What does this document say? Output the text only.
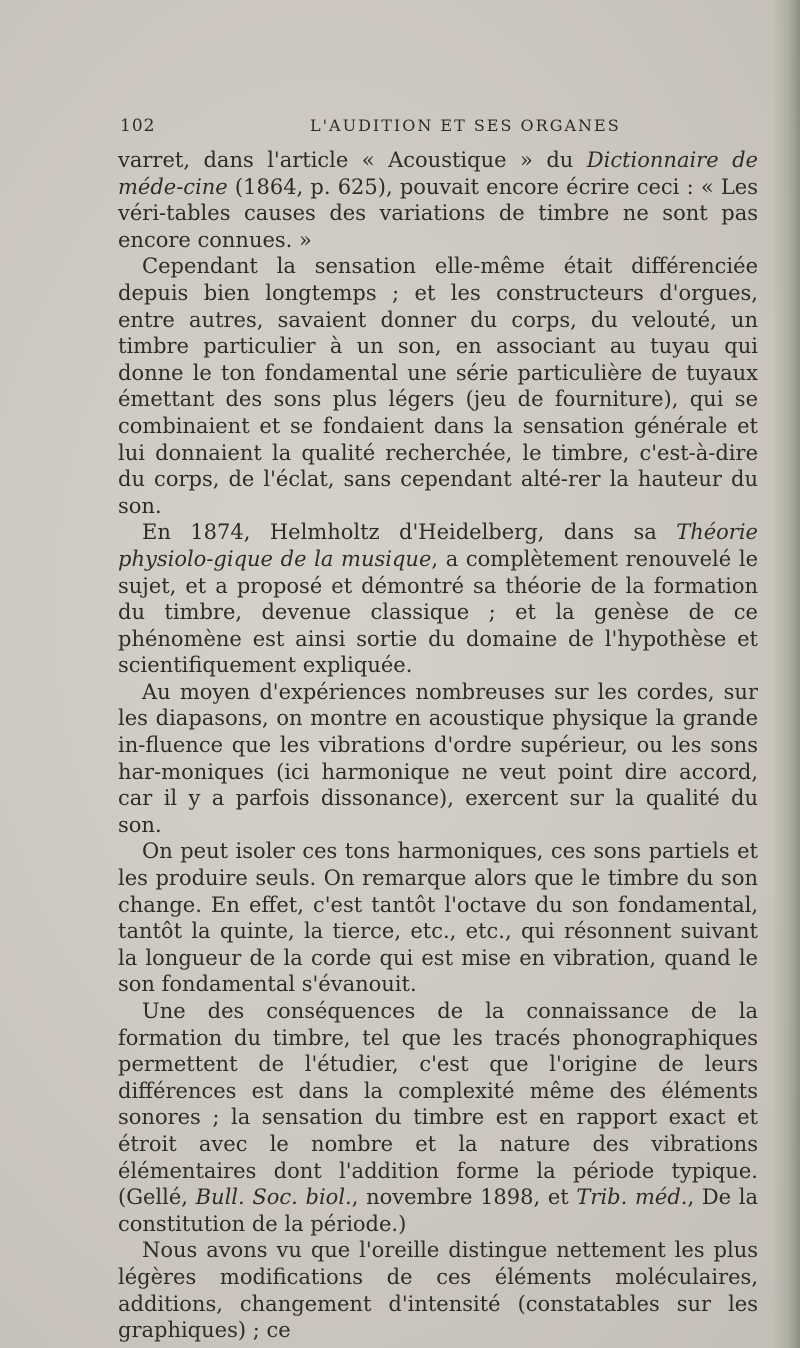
102	L'AUDITION ET SES ORGANES

varret, dans l'article « Acoustique » du Dictionnaire de méde-cine (1864, p. 625), pouvait encore écrire ceci : « Les véri-tables causes des variations de timbre ne sont pas encore connues. »

Cependant la sensation elle-même était différenciée depuis bien longtemps ; et les constructeurs d'orgues, entre autres, savaient donner du corps, du velouté, un timbre particulier à un son, en associant au tuyau qui donne le ton fondamental une série particulière de tuyaux émettant des sons plus légers (jeu de fourniture), qui se combinaient et se fondaient dans la sensation générale et lui donnaient la qualité recherchée, le timbre, c'est-à-dire du corps, de l'éclat, sans cependant alté-rer la hauteur du son.

En 1874, Helmholtz d'Heidelberg, dans sa Théorie physiolo-gique de la musique, a complètement renouvelé le sujet, et a proposé et démontré sa théorie de la formation du timbre, devenue classique ; et la genèse de ce phénomène est ainsi sortie du domaine de l'hypothèse et scientifiquement expliquée.

Au moyen d'expériences nombreuses sur les cordes, sur les diapasons, on montre en acoustique physique la grande in-fluence que les vibrations d'ordre supérieur, ou les sons har-moniques (ici harmonique ne veut point dire accord, car il y a parfois dissonance), exercent sur la qualité du son.

On peut isoler ces tons harmoniques, ces sons partiels et les produire seuls. On remarque alors que le timbre du son change. En effet, c'est tantôt l'octave du son fondamental, tantôt la quinte, la tierce, etc., etc., qui résonnent suivant la longueur de la corde qui est mise en vibration, quand le son fondamental s'évanouit.

Une des conséquences de la connaissance de la formation du timbre, tel que les tracés phonographiques permettent de l'étudier, c'est que l'origine de leurs différences est dans la complexité même des éléments sonores ; la sensation du timbre est en rapport exact et étroit avec le nombre et la nature des vibrations élémentaires dont l'addition forme la période typique. (Gellé, Bull. Soc. biol., novembre 1898, et Trib. méd., De la constitution de la période.)

Nous avons vu que l'oreille distingue nettement les plus légères modifications de ces éléments moléculaires, additions, changement d'intensité (constatables sur les graphiques) ; ce
